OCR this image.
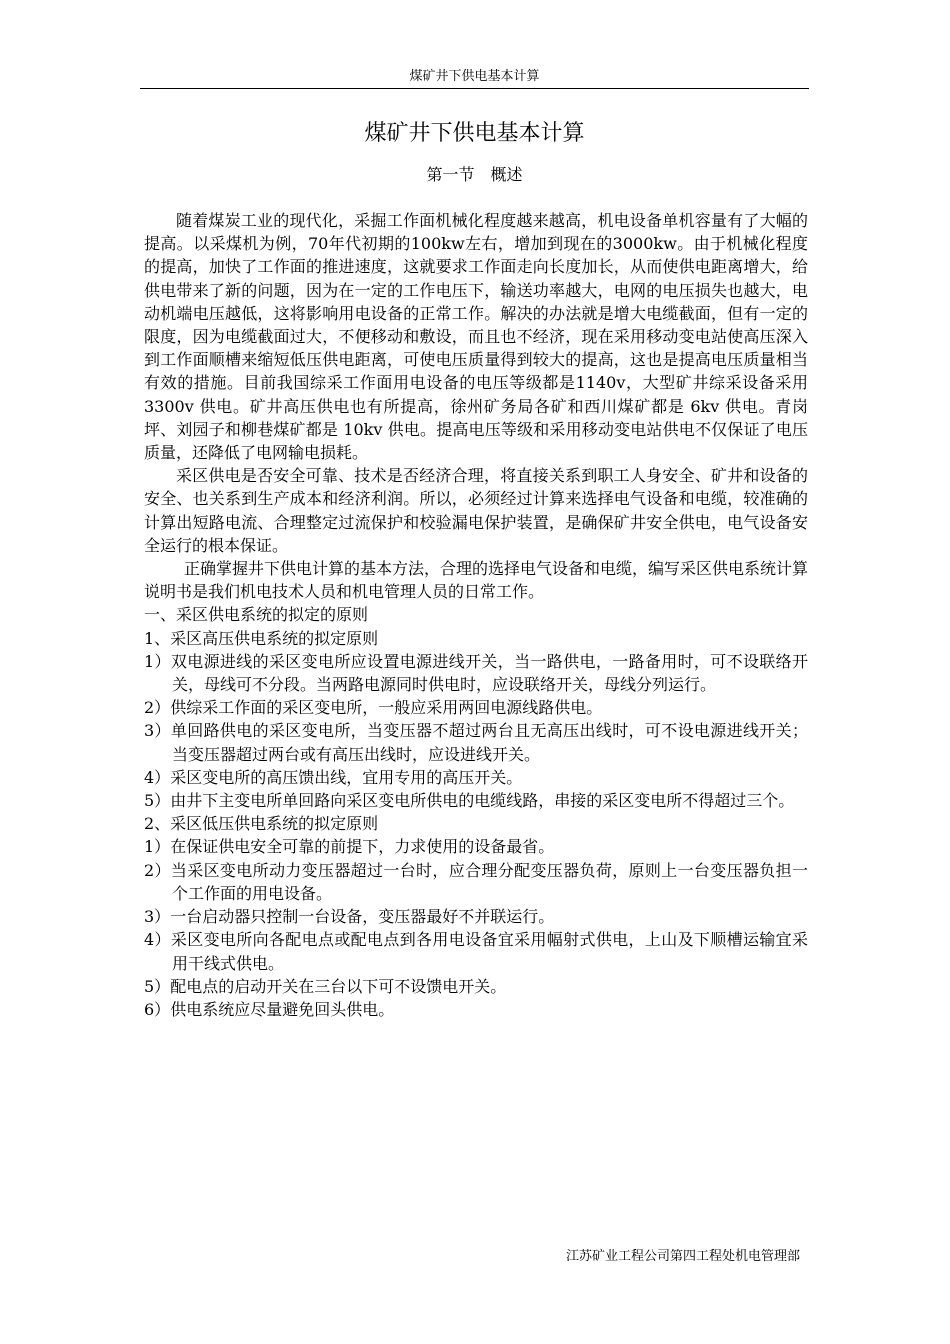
煤矿井下供电基本计算
煤矿井下供电基本计算
第一节　概述

随着煤炭工业的现代化，采掘工作面机械化程度越来越高，机电设备单机容量有了大幅的提高。以采煤机为例，70年代初期的100kw左右，增加到现在的3000kw。由于机械化程度的提高，加快了工作面的推进速度，这就要求工作面走向长度加长，从而使供电距离增大，给供电带来了新的问题，因为在一定的工作电压下，输送功率越大，电网的电压损失也越大，电动机端电压越低，这将影响用电设备的正常工作。解决的办法就是增大电缆截面，但有一定的限度，因为电缆截面过大，不便移动和敷设，而且也不经济，现在采用移动变电站使高压深入到工作面顺槽来缩短低压供电距离，可使电压质量得到较大的提高，这也是提高电压质量相当有效的措施。目前我国综采工作面用电设备的电压等级都是1140v，大型矿井综采设备采用 3300v 供电。矿井高压供电也有所提高，徐州矿务局各矿和西川煤矿都是 6kv 供电。青岗坪、刘园子和柳巷煤矿都是 10kv 供电。提高电压等级和采用移动变电站供电不仅保证了电压质量，还降低了电网输电损耗。

采区供电是否安全可靠、技术是否经济合理，将直接关系到职工人身安全、矿井和设备的安全、也关系到生产成本和经济利润。所以，必须经过计算来选择电气设备和电缆，较准确的计算出短路电流、合理整定过流保护和校验漏电保护装置，是确保矿井安全供电，电气设备安全运行的根本保证。

正确掌握井下供电计算的基本方法，合理的选择电气设备和电缆，编写采区供电系统计算说明书是我们机电技术人员和机电管理人员的日常工作。

一、采区供电系统的拟定的原则

1、采区高压供电系统的拟定原则

1）双电源进线的采区变电所应设置电源进线开关，当一路供电，一路备用时，可不设联络开关，母线可不分段。当两路电源同时供电时，应设联络开关，母线分列运行。

2）供综采工作面的采区变电所，一般应采用两回电源线路供电。

3）单回路供电的采区变电所，当变压器不超过两台且无高压出线时，可不设电源进线开关；当变压器超过两台或有高压出线时，应设进线开关。

4）采区变电所的高压馈出线，宜用专用的高压开关。

5）由井下主变电所单回路向采区变电所供电的电缆线路，串接的采区变电所不得超过三个。

2、采区低压供电系统的拟定原则

1）在保证供电安全可靠的前提下，力求使用的设备最省。

2）当采区变电所动力变压器超过一台时，应合理分配变压器负荷，原则上一台变压器负担一个工作面的用电设备。

3）一台启动器只控制一台设备，变压器最好不并联运行。

4）采区变电所向各配电点或配电点到各用电设备宜采用幅射式供电，上山及下顺槽运输宜采用干线式供电。

5）配电点的启动开关在三台以下可不设馈电开关。

6）供电系统应尽量避免回头供电。

江苏矿业工程公司第四工程处机电管理部
